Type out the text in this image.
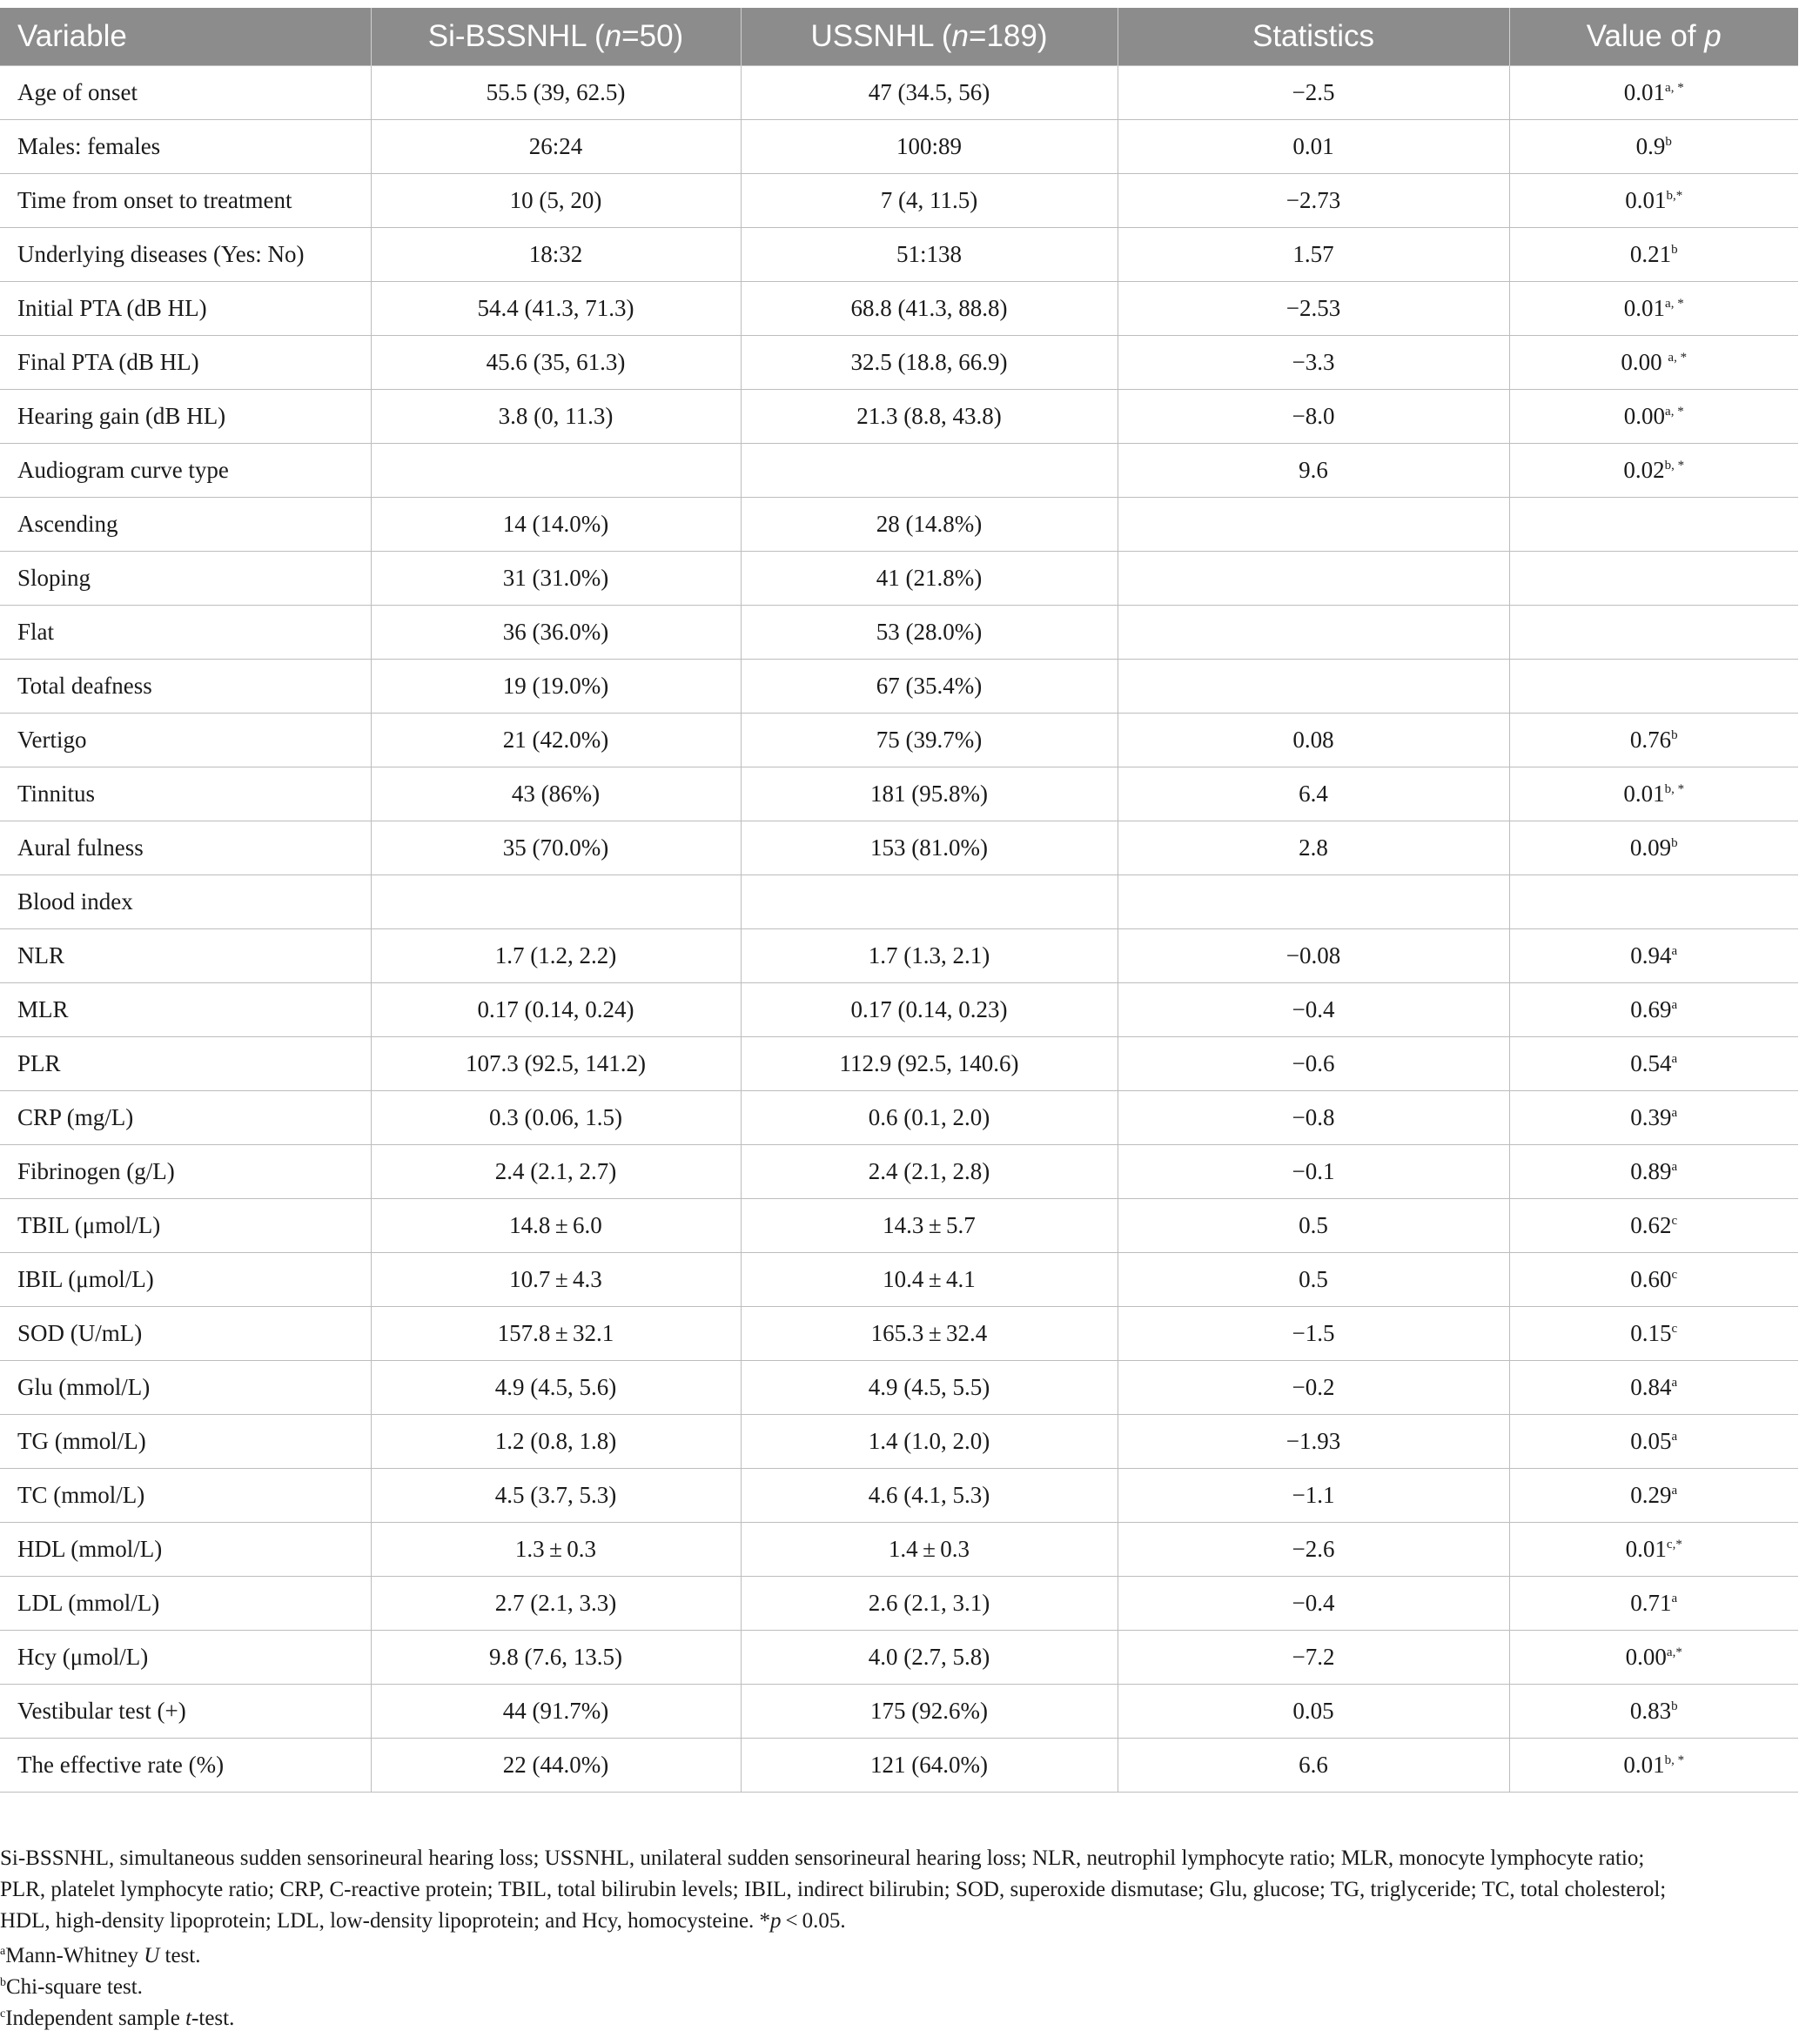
Variable	Si-BSSNHL (n=50)	USSNHL (n=189)	Statistics	Value of p
Age of onset	55.5 (39, 62.5)	47 (34.5, 56)	−2.5	$0.01^{a, *}$
Males: females	26:24	100:89	0.01	0.9$^b$
Time from onset to treatment	10 (5, 20)	7 (4, 11.5)	−2.73	$0.01^{b,*}$
Underlying diseases (Yes: No)	18:32	51:138	1.57	0.21$^b$
Initial PTA (dB HL)	54.4 (41.3, 71.3)	68.8 (41.3, 88.8)	−2.53	$0.01^{a, *}$
Final PTA (dB HL)	45.6 (35, 61.3)	32.5 (18.8, 66.9)	−3.3	0.00 $^{a, *}$
Hearing gain (dB HL)	3.8 (0, 11.3)	21.3 (8.8, 43.8)	−8.0	$0.00^{a, *}$
Audiogram curve type			9.6	$0.02^{b, *}$
Ascending	14 (14.0%)	28 (14.8%)		
Sloping	31 (31.0%)	41 (21.8%)		
Flat	36 (36.0%)	53 (28.0%)		
Total deafness	19 (19.0%)	67 (35.4%)		
Vertigo	21 (42.0%)	75 (39.7%)	0.08	0.76$^b$
Tinnitus	43 (86%)	181 (95.8%)	6.4	$0.01^{b, *}$
Aural fulness	35 (70.0%)	153 (81.0%)	2.8	0.09$^b$
Blood index				
NLR	1.7 (1.2, 2.2)	1.7 (1.3, 2.1)	−0.08	0.94$^a$
MLR	0.17 (0.14, 0.24)	0.17 (0.14, 0.23)	−0.4	0.69$^a$
PLR	107.3 (92.5, 141.2)	112.9 (92.5, 140.6)	−0.6	0.54$^a$
CRP (mg/L)	0.3 (0.06, 1.5)	0.6 (0.1, 2.0)	−0.8	0.39$^a$
Fibrinogen (g/L)	2.4 (2.1, 2.7)	2.4 (2.1, 2.8)	−0.1	0.89$^a$
TBIL (μmol/L)	14.8 ± 6.0	14.3 ± 5.7	0.5	0.62$^c$
IBIL (μmol/L)	10.7 ± 4.3	10.4 ± 4.1	0.5	0.60$^c$
SOD (U/mL)	157.8 ± 32.1	165.3 ± 32.4	−1.5	0.15$^c$
Glu (mmol/L)	4.9 (4.5, 5.6)	4.9 (4.5, 5.5)	−0.2	0.84$^a$
TG (mmol/L)	1.2 (0.8, 1.8)	1.4 (1.0, 2.0)	−1.93	0.05$^a$
TC (mmol/L)	4.5 (3.7, 5.3)	4.6 (4.1, 5.3)	−1.1	0.29$^a$
HDL (mmol/L)	1.3 ± 0.3	1.4 ± 0.3	−2.6	$0.01^{c,*}$
LDL (mmol/L)	2.7 (2.1, 3.3)	2.6 (2.1, 3.1)	−0.4	0.71$^a$
Hcy (μmol/L)	9.8 (7.6, 13.5)	4.0 (2.7, 5.8)	−7.2	$0.00^{a,*}$
Vestibular test (+)	44 (91.7%)	175 (92.6%)	0.05	0.83$^b$
The effective rate (%)	22 (44.0%)	121 (64.0%)	6.6	$0.01^{b, *}$

Si-BSSNHL, simultaneous sudden sensorineural hearing loss; USSNHL, unilateral sudden sensorineural hearing loss; NLR, neutrophil lymphocyte ratio; MLR, monocyte lymphocyte ratio;
PLR, platelet lymphocyte ratio; CRP, C-reactive protein; TBIL, total bilirubin levels; IBIL, indirect bilirubin; SOD, superoxide dismutase; Glu, glucose; TG, triglyceride; TC, total cholesterol;
HDL, high-density lipoprotein; LDL, low-density lipoprotein; and Hcy, homocysteine. *p < 0.05.

$^a$Mann-Whitney U test.

$^b$Chi-square test.

$^c$Independent sample t-test.
